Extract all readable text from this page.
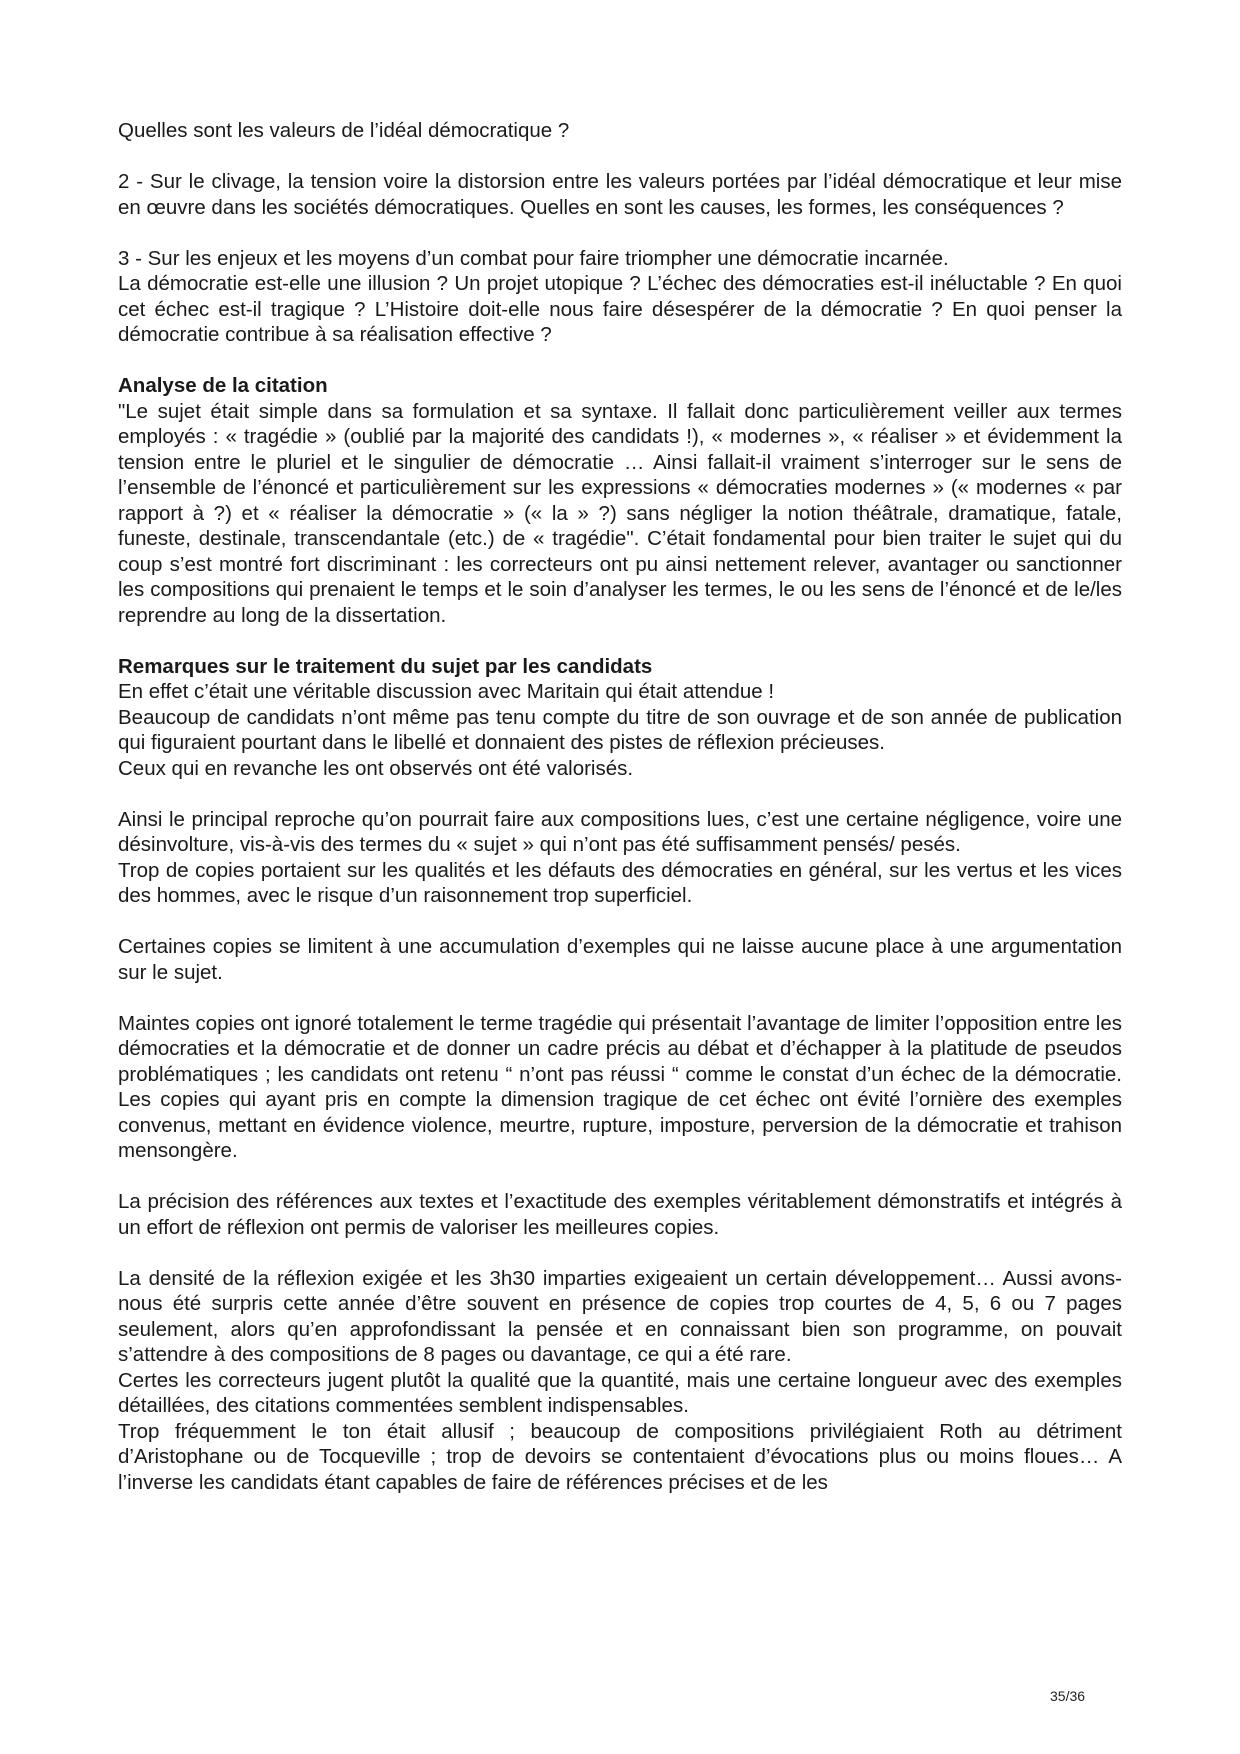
Quelles sont les valeurs de l’idéal démocratique ?

2 - Sur le clivage, la tension voire la distorsion entre les valeurs portées par l’idéal démocratique et leur mise en œuvre dans les sociétés démocratiques. Quelles en sont les causes, les formes, les conséquences ?

3 - Sur les enjeux et les moyens d’un combat pour faire triompher une démocratie incarnée.
La démocratie est-elle une illusion ? Un projet utopique ? L’échec des démocraties est-il inéluctable ? En quoi cet échec est-il tragique ? L’Histoire doit-elle nous faire désespérer de la démocratie ? En quoi penser la démocratie contribue à sa réalisation effective ?

Analyse de la citation

"Le sujet était simple dans sa formulation et sa syntaxe. Il fallait donc particulièrement veiller aux termes employés : « tragédie » (oublié par la majorité des candidats !), « modernes », « réaliser » et évidemment la tension entre le pluriel et le singulier de démocratie … Ainsi fallait-il vraiment s’interroger sur le sens de l’ensemble de l’énoncé et particulièrement sur les expressions « démocraties modernes » (« modernes « par rapport à ?) et « réaliser la démocratie » (« la » ?) sans négliger la notion théâtrale, dramatique, fatale, funeste, destinale, transcendantale (etc.) de « tragédie". C’était fondamental pour bien traiter le sujet qui du coup s’est montré fort discriminant : les correcteurs ont pu ainsi nettement relever, avantager ou sanctionner les compositions qui prenaient le temps et le soin d’analyser les termes, le ou les sens de l’énoncé et de le/les reprendre au long de la dissertation.

Remarques sur le traitement du sujet par les candidats

En effet c’était une véritable discussion avec Maritain qui était attendue !
Beaucoup de candidats n’ont même pas tenu compte du titre de son ouvrage et de son année de publication qui figuraient pourtant dans le libellé et donnaient des pistes de réflexion précieuses.
Ceux qui en revanche les ont observés ont été valorisés.

Ainsi le principal reproche qu’on pourrait faire aux compositions lues, c’est une certaine négligence, voire une désinvolture, vis-à-vis des termes du « sujet » qui n’ont pas été suffisamment pensés/ pesés.
Trop de copies portaient sur les qualités et les défauts des démocraties en général, sur les vertus et les vices des hommes, avec le risque d’un raisonnement trop superficiel.

Certaines copies se limitent à une accumulation d’exemples qui ne laisse aucune place à une argumentation sur le sujet.

Maintes copies ont ignoré totalement le terme tragédie qui présentait l’avantage de limiter l’opposition entre les démocraties et la démocratie et de donner un cadre précis au débat et d’échapper à la platitude de pseudos problématiques ; les candidats ont retenu “ n’ont pas réussi “ comme le constat d’un échec de la démocratie. Les copies qui ayant pris en compte la dimension tragique de cet échec ont évité l’ornière des exemples convenus, mettant en évidence violence, meurtre, rupture, imposture, perversion de la démocratie et trahison mensongère.

La précision des références aux textes et l’exactitude des exemples véritablement démonstratifs et intégrés à un effort de réflexion ont permis de valoriser les meilleures copies.

La densité de la réflexion exigée et les 3h30 imparties exigeaient un certain développement… Aussi avons-nous été surpris cette année d’être souvent en présence de copies trop courtes de 4, 5, 6 ou 7 pages seulement, alors qu’en approfondissant la pensée et en connaissant bien son programme, on pouvait s’attendre à des compositions de 8 pages ou davantage, ce qui a été rare.
Certes les correcteurs jugent plutôt la qualité que la quantité, mais une certaine longueur avec des exemples détaillées, des citations commentées semblent indispensables.
Trop fréquemment le ton était allusif ; beaucoup de compositions privilégiaient Roth au détriment d’Aristophane ou de Tocqueville ; trop de devoirs se contentaient d’évocations plus ou moins floues… A l’inverse les candidats étant capables de faire de références précises et de les

35/36
